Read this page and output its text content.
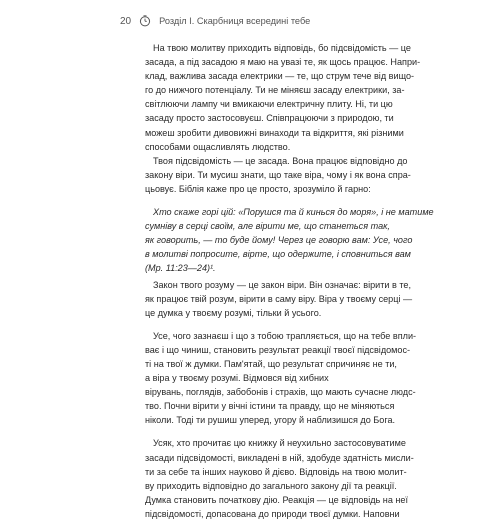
20	Розділ І. Скарбниця всередині тебе
На твою молитву приходить відповідь, бо підсвідомість — це
засада, а під засадою я маю на увазі те, як щось працює. Напри-
клад, важлива засада електрики — те, що струм тече від вищо-
го до нижчого потенціалу. Ти не міняєш засаду електрики, за-
світлюючи лампу чи вмикаючи електричну плиту. Ні, ти цю
засаду просто застосовуєш. Співпрацюючи з природою, ти
можеш зробити дивовижні винаходи та відкриття, які різними
способами ощасливлять людство.
Твоя підсвідомість — це засада. Вона працює відповідно до
закону віри. Ти мусиш знати, що таке віра, чому і як вона спра-
цьовує. Біблія каже про це просто, зрозуміло й гарно:
Хто скаже горі цій: «Порушся та й кинься до моря», і не матиме
сумніву в серці своїм, але вірити ме, що станеться так,
як говорить, — то буде йому! Через це говорю вам: Усе, чого
в молитві попросите, вірте, що одержите, і сповниться вам
(Мр. 11:23—24)¹.
Закон твого розуму — це закон віри. Він означає: вірити в те,
як працює твій розум, вірити в саму віру. Віра у твоєму серці —
це думка у твоєму розумі, тільки й усього.
Усе, чого зазнаєш і що з тобою трапляється, що на тебе впли-
ває і що чиниш, становить результат реакції твоєї підсвідомос-
ті на твої ж думки. Пам'ятай, що результат спричиняє не ти,
а віра у твоєму розумі. Відмовся від хибних
вірувань, поглядів, забобонів і страхів, що мають сучасне людс-
тво. Почни вірити у вічні істини та правду, що не міняються
ніколи. Тоді ти рушиш уперед, угору й наблизишся до Бога.
Усяк, хто прочитає цю книжку й неухильно застосовуватиме
засади підсвідомості, викладені в ній, здобуде здатність мисли-
ти за себе та інших науково й дієво. Відповідь на твою молит-
ву приходить відповідно до загального закону дії та реакції.
Думка становить початкову дію. Реакція — це відповідь на неї
підсвідомості, допасована до природи твоєї думки. Наповни
